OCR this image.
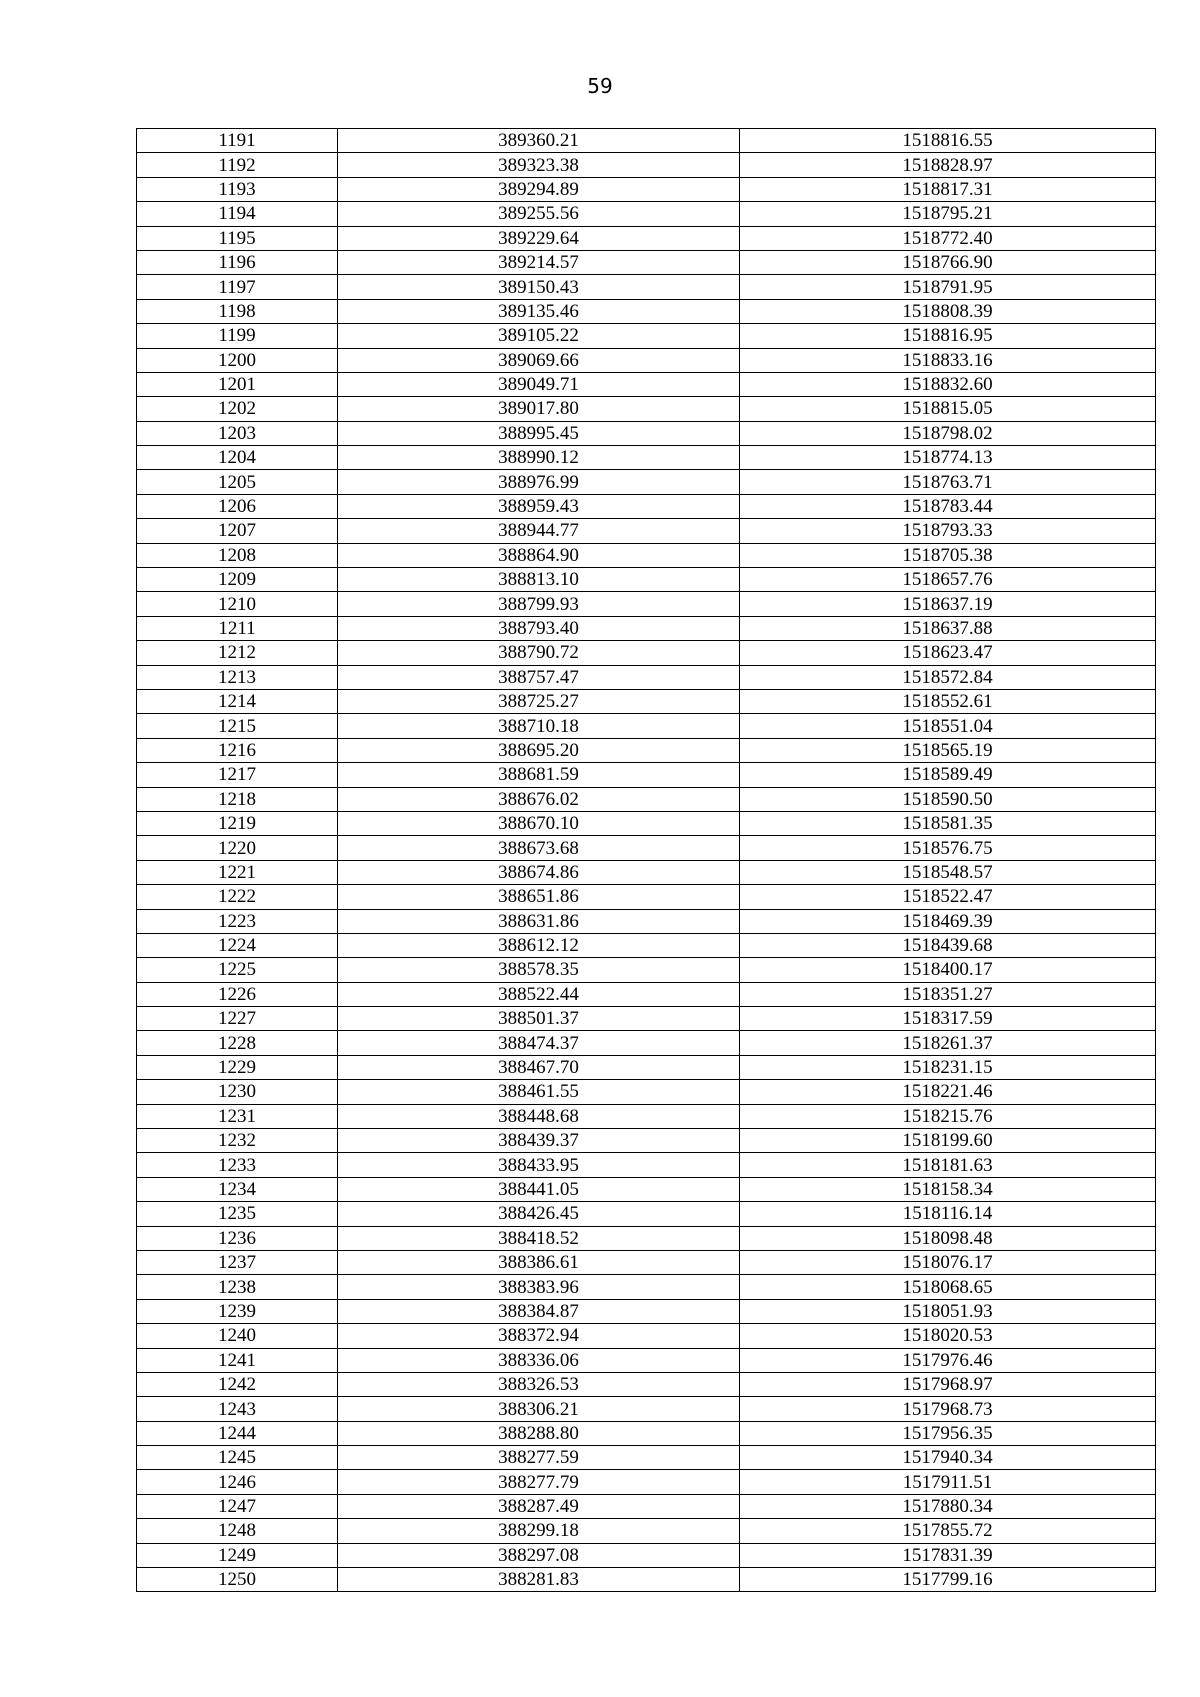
59
1191	389360.21	1518816.55
1192	389323.38	1518828.97
1193	389294.89	1518817.31
1194	389255.56	1518795.21
1195	389229.64	1518772.40
1196	389214.57	1518766.90
1197	389150.43	1518791.95
1198	389135.46	1518808.39
1199	389105.22	1518816.95
1200	389069.66	1518833.16
1201	389049.71	1518832.60
1202	389017.80	1518815.05
1203	388995.45	1518798.02
1204	388990.12	1518774.13
1205	388976.99	1518763.71
1206	388959.43	1518783.44
1207	388944.77	1518793.33
1208	388864.90	1518705.38
1209	388813.10	1518657.76
1210	388799.93	1518637.19
1211	388793.40	1518637.88
1212	388790.72	1518623.47
1213	388757.47	1518572.84
1214	388725.27	1518552.61
1215	388710.18	1518551.04
1216	388695.20	1518565.19
1217	388681.59	1518589.49
1218	388676.02	1518590.50
1219	388670.10	1518581.35
1220	388673.68	1518576.75
1221	388674.86	1518548.57
1222	388651.86	1518522.47
1223	388631.86	1518469.39
1224	388612.12	1518439.68
1225	388578.35	1518400.17
1226	388522.44	1518351.27
1227	388501.37	1518317.59
1228	388474.37	1518261.37
1229	388467.70	1518231.15
1230	388461.55	1518221.46
1231	388448.68	1518215.76
1232	388439.37	1518199.60
1233	388433.95	1518181.63
1234	388441.05	1518158.34
1235	388426.45	1518116.14
1236	388418.52	1518098.48
1237	388386.61	1518076.17
1238	388383.96	1518068.65
1239	388384.87	1518051.93
1240	388372.94	1518020.53
1241	388336.06	1517976.46
1242	388326.53	1517968.97
1243	388306.21	1517968.73
1244	388288.80	1517956.35
1245	388277.59	1517940.34
1246	388277.79	1517911.51
1247	388287.49	1517880.34
1248	388299.18	1517855.72
1249	388297.08	1517831.39
1250	388281.83	1517799.16
